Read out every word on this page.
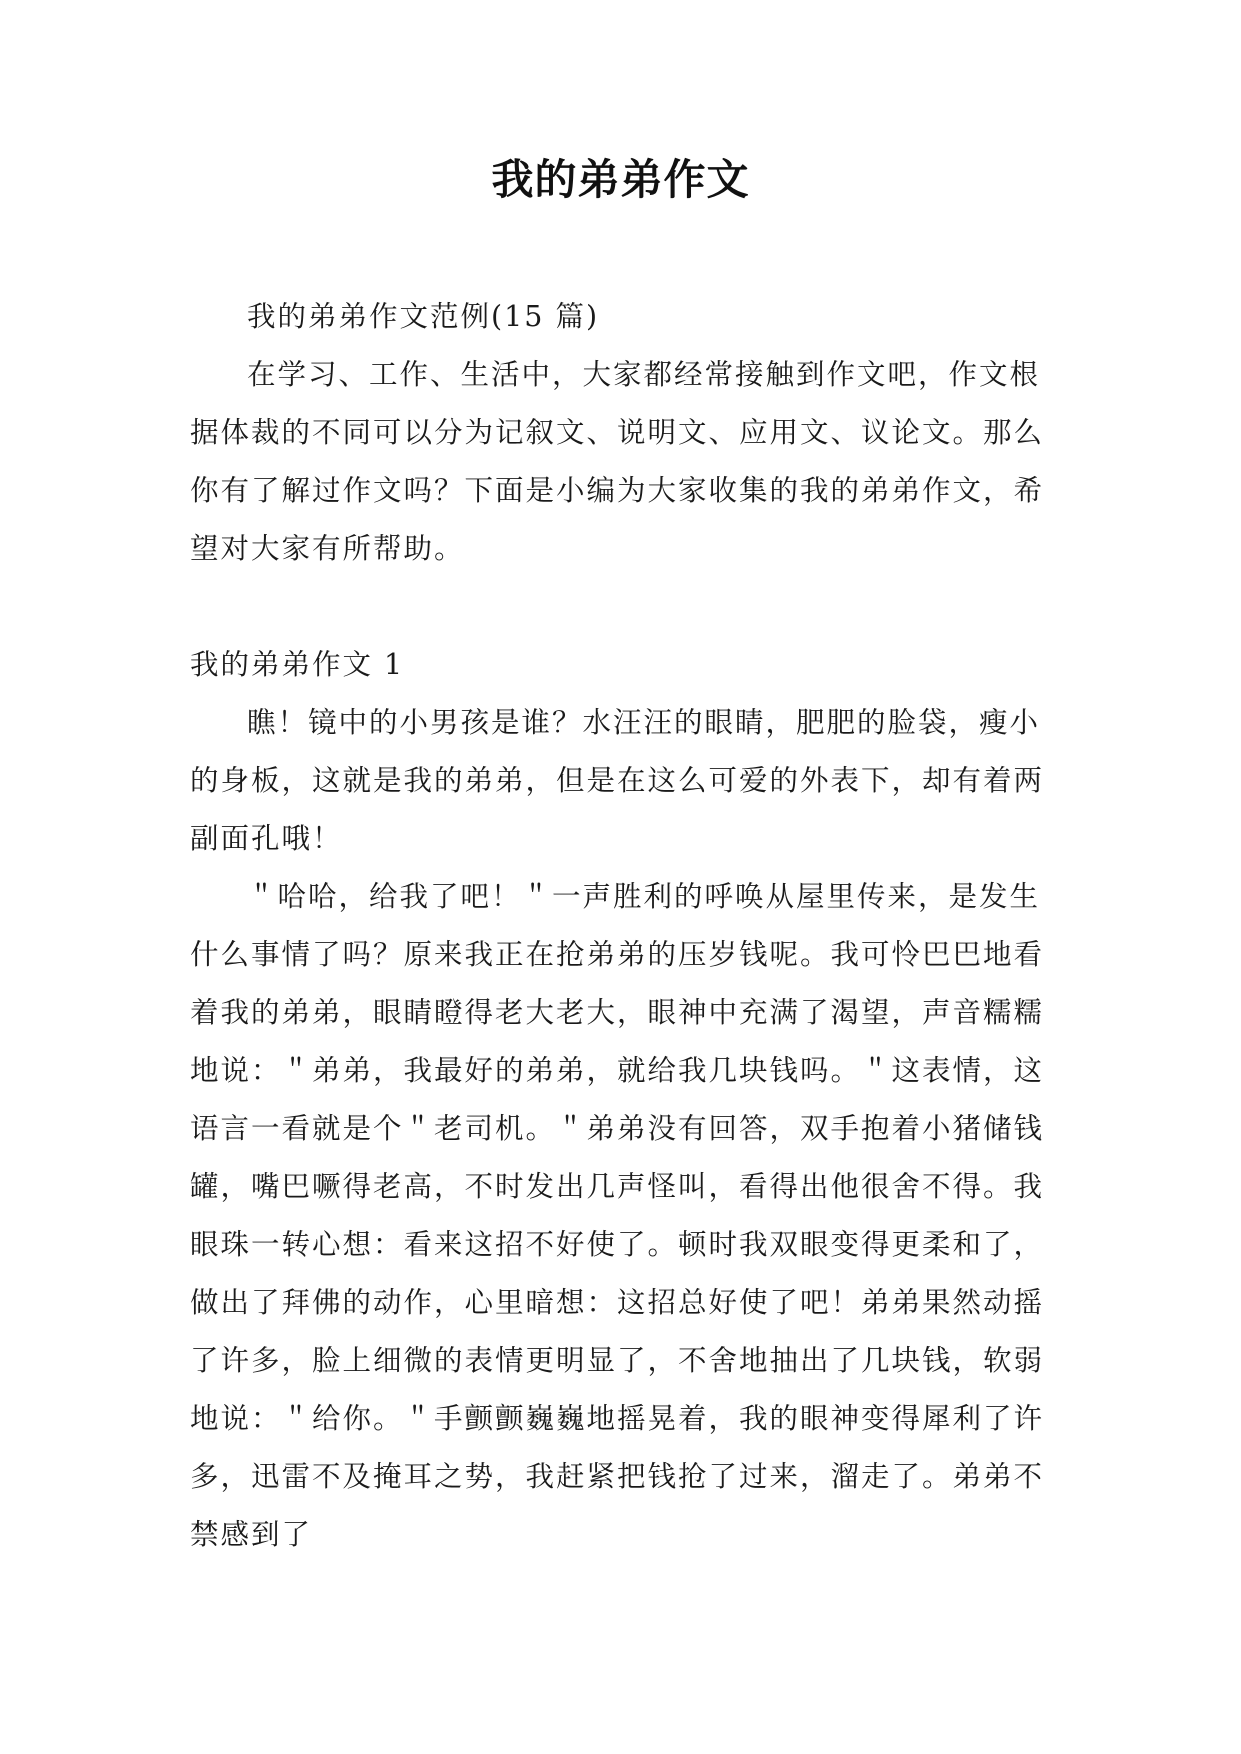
我的弟弟作文

我的弟弟作文范例(15 篇)

在学习、工作、生活中，大家都经常接触到作文吧，作文根据体裁的不同可以分为记叙文、说明文、应用文、议论文。那么你有了解过作文吗？下面是小编为大家收集的我的弟弟作文，希望对大家有所帮助。

我的弟弟作文 1

瞧！镜中的小男孩是谁？水汪汪的眼睛，肥肥的脸袋，瘦小的身板，这就是我的弟弟，但是在这么可爱的外表下，却有着两副面孔哦！

＂哈哈，给我了吧！＂一声胜利的呼唤从屋里传来，是发生什么事情了吗？原来我正在抢弟弟的压岁钱呢。我可怜巴巴地看着我的弟弟，眼睛瞪得老大老大，眼神中充满了渴望，声音糯糯地说：＂弟弟，我最好的弟弟，就给我几块钱吗。＂这表情，这语言一看就是个＂老司机。＂弟弟没有回答，双手抱着小猪储钱罐，嘴巴噘得老高，不时发出几声怪叫，看得出他很舍不得。我眼珠一转心想：看来这招不好使了。顿时我双眼变得更柔和了，做出了拜佛的动作，心里暗想：这招总好使了吧！弟弟果然动摇了许多，脸上细微的表情更明显了，不舍地抽出了几块钱，软弱地说：＂给你。＂手颤颤巍巍地摇晃着，我的眼神变得犀利了许多，迅雷不及掩耳之势，我赶紧把钱抢了过来，溜走了。弟弟不禁感到了
